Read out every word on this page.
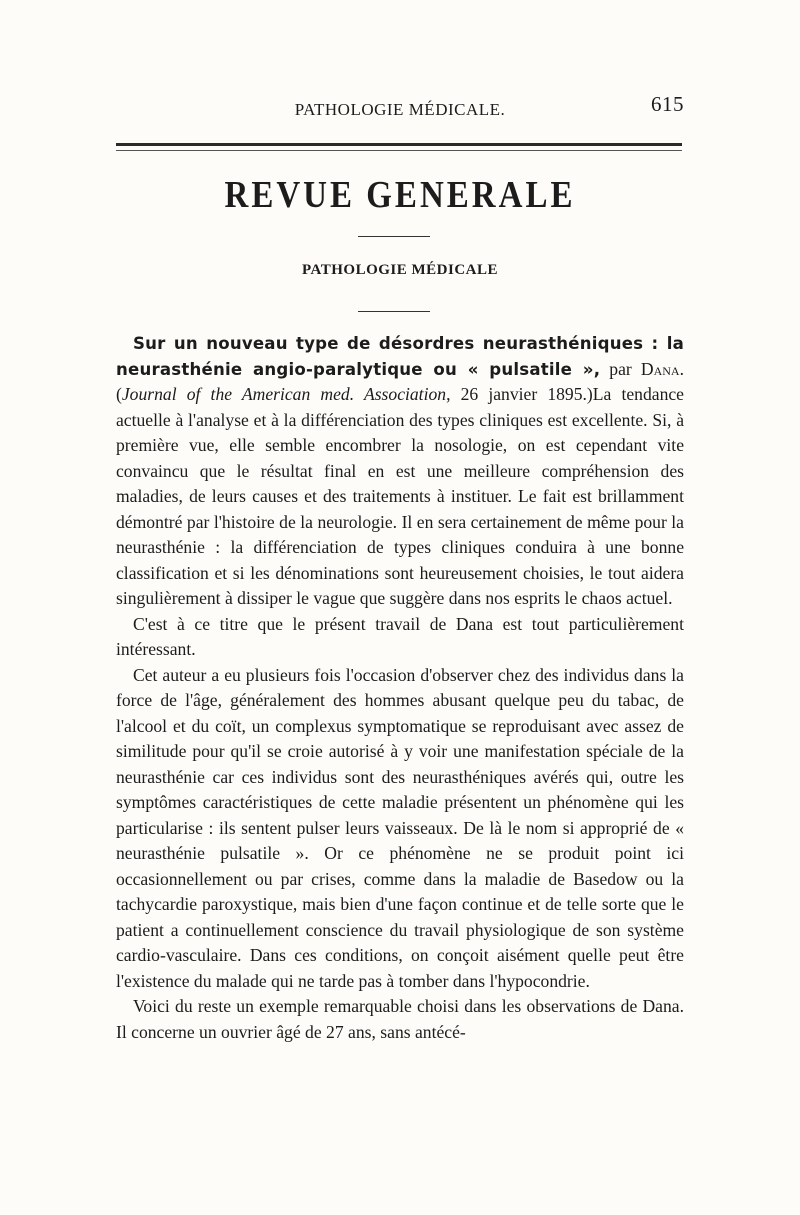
PATHOLOGIE MÉDICALE.	615
REVUE GENERALE
PATHOLOGIE MÉDICALE

Sur un nouveau type de désordres neurasthéniques : la neurasthénie angio-paralytique ou « pulsatile », par Dana. (Journal of the American med. Association, 26 janvier 1895.)La tendance actuelle à l'analyse et à la différenciation des types cliniques est excellente. Si, à première vue, elle semble encombrer la nosologie, on est cependant vite convaincu que le résultat final en est une meilleure compréhension des maladies, de leurs causes et des traitements à instituer. Le fait est brillamment démontré par l'histoire de la neurologie. Il en sera certainement de même pour la neurasthénie : la différenciation de types cliniques conduira à une bonne classification et si les dénominations sont heureusement choisies, le tout aidera singulièrement à dissiper le vague que suggère dans nos esprits le chaos actuel.

C'est à ce titre que le présent travail de Dana est tout particulièrement intéressant.

Cet auteur a eu plusieurs fois l'occasion d'observer chez des individus dans la force de l'âge, généralement des hommes abusant quelque peu du tabac, de l'alcool et du coït, un complexus symptomatique se reproduisant avec assez de similitude pour qu'il se croie autorisé à y voir une manifestation spéciale de la neurasthénie car ces individus sont des neurasthéniques avérés qui, outre les symptômes caractéristiques de cette maladie présentent un phénomène qui les particularise : ils sentent pulser leurs vaisseaux. De là le nom si approprié de « neurasthénie pulsatile ». Or ce phénomène ne se produit point ici occasionnellement ou par crises, comme dans la maladie de Basedow ou la tachycardie paroxystique, mais bien d'une façon continue et de telle sorte que le patient a continuellement conscience du travail physiologique de son système cardio-vasculaire. Dans ces conditions, on conçoit aisément quelle peut être l'existence du malade qui ne tarde pas à tomber dans l'hypocondrie.

Voici du reste un exemple remarquable choisi dans les observations de Dana. Il concerne un ouvrier âgé de 27 ans, sans antécé-
